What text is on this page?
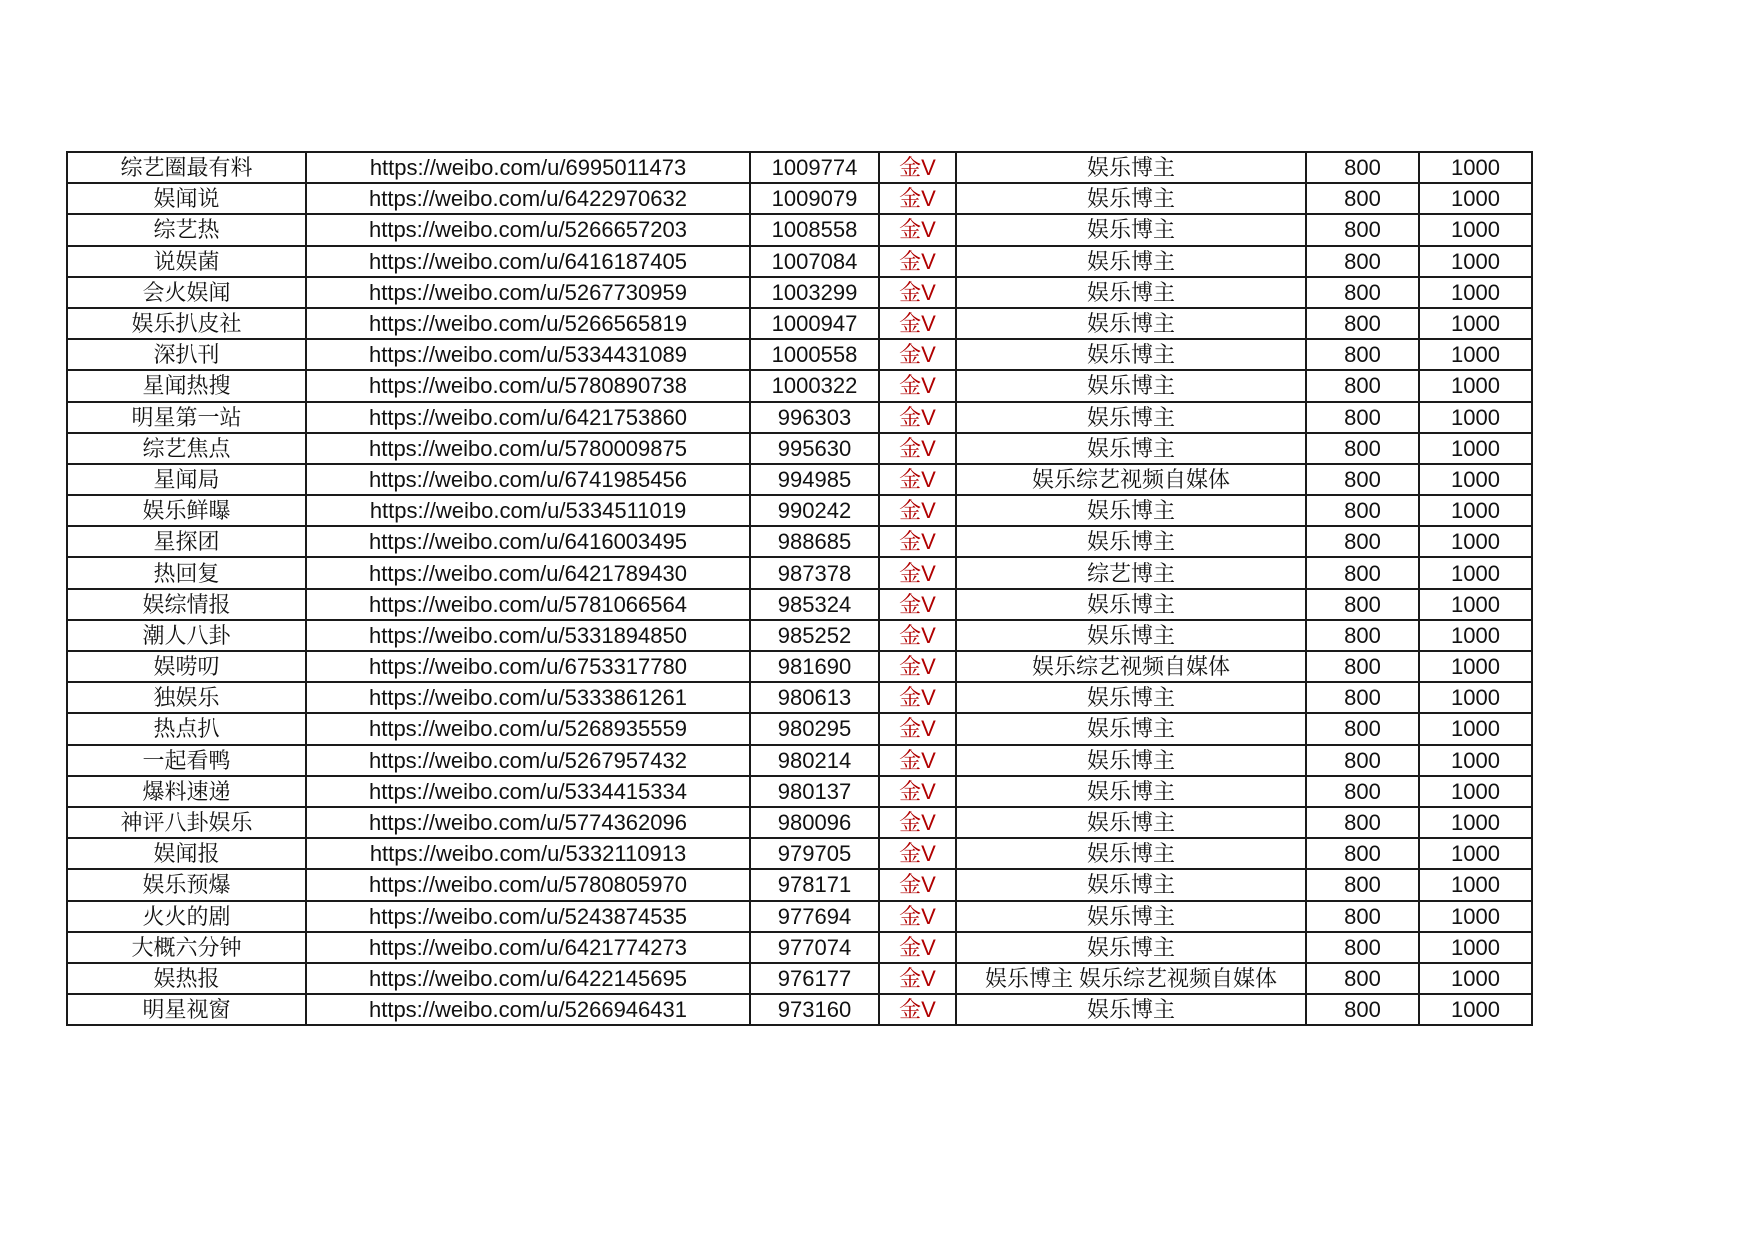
综艺圈最有料	https://weibo.com/u/6995011473	1009774	金V	娱乐博主	800	1000
娱闻说	https://weibo.com/u/6422970632	1009079	金V	娱乐博主	800	1000
综艺热	https://weibo.com/u/5266657203	1008558	金V	娱乐博主	800	1000
说娱菌	https://weibo.com/u/6416187405	1007084	金V	娱乐博主	800	1000
会火娱闻	https://weibo.com/u/5267730959	1003299	金V	娱乐博主	800	1000
娱乐扒皮社	https://weibo.com/u/5266565819	1000947	金V	娱乐博主	800	1000
深扒刊	https://weibo.com/u/5334431089	1000558	金V	娱乐博主	800	1000
星闻热搜	https://weibo.com/u/5780890738	1000322	金V	娱乐博主	800	1000
明星第一站	https://weibo.com/u/6421753860	996303	金V	娱乐博主	800	1000
综艺焦点	https://weibo.com/u/5780009875	995630	金V	娱乐博主	800	1000
星闻局	https://weibo.com/u/6741985456	994985	金V	娱乐综艺视频自媒体	800	1000
娱乐鲜曝	https://weibo.com/u/5334511019	990242	金V	娱乐博主	800	1000
星探团	https://weibo.com/u/6416003495	988685	金V	娱乐博主	800	1000
热回复	https://weibo.com/u/6421789430	987378	金V	综艺博主	800	1000
娱综情报	https://weibo.com/u/5781066564	985324	金V	娱乐博主	800	1000
潮人八卦	https://weibo.com/u/5331894850	985252	金V	娱乐博主	800	1000
娱唠叨	https://weibo.com/u/6753317780	981690	金V	娱乐综艺视频自媒体	800	1000
独娱乐	https://weibo.com/u/5333861261	980613	金V	娱乐博主	800	1000
热点扒	https://weibo.com/u/5268935559	980295	金V	娱乐博主	800	1000
一起看鸭	https://weibo.com/u/5267957432	980214	金V	娱乐博主	800	1000
爆料速递	https://weibo.com/u/5334415334	980137	金V	娱乐博主	800	1000
神评八卦娱乐	https://weibo.com/u/5774362096	980096	金V	娱乐博主	800	1000
娱闻报	https://weibo.com/u/5332110913	979705	金V	娱乐博主	800	1000
娱乐预爆	https://weibo.com/u/5780805970	978171	金V	娱乐博主	800	1000
火火的剧	https://weibo.com/u/5243874535	977694	金V	娱乐博主	800	1000
大概六分钟	https://weibo.com/u/6421774273	977074	金V	娱乐博主	800	1000
娱热报	https://weibo.com/u/6422145695	976177	金V	娱乐博主 娱乐综艺视频自媒体	800	1000
明星视窗	https://weibo.com/u/5266946431	973160	金V	娱乐博主	800	1000
